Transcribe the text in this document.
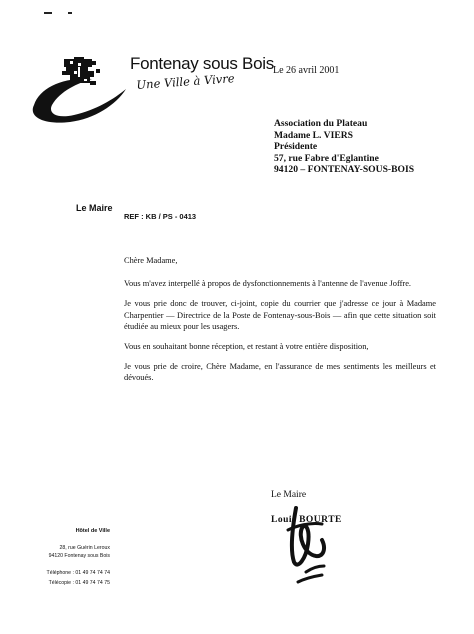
Fontenay sous Bois
Une Ville à Vivre
Le 26 avril 2001
Association du Plateau
Madame L. VIERS
Présidente
57, rue Fabre d'Eglantine
94120 – FONTENAY-SOUS-BOIS
Le Maire
REF : KB / PS - 0413

Chère Madame,

Vous m'avez interpellé à propos de dysfonctionnements à l'antenne de l'avenue Joffre.

Je vous prie donc de trouver, ci-joint, copie du courrier que j'adresse ce jour à Madame Charpentier — Directrice de la Poste de Fontenay-sous-Bois — afin que cette situation soit étudiée au mieux pour les usagers.

Vous en souhaitant bonne réception, et restant à votre entière disposition,

Je vous prie de croire, Chère Madame, en l'assurance de mes sentiments les meilleurs et dévoués.

Le Maire
Louis BOURTE
Hôtel de Ville
28, rue Guérin Leroux
94120 Fontenay sous Bois
Téléphone : 01 49 74 74 74
Télécopie : 01 49 74 74 75
